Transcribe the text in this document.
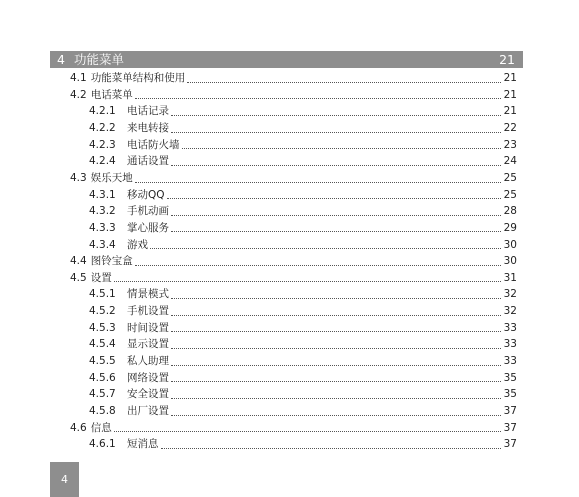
4 功能菜单	21
4.1 功能菜单结构和使用	21
4.2 电话菜单	21
4.2.1	电话记录	21
4.2.2	来电转接	22
4.2.3	电话防火墙	23
4.2.4	通话设置	24
4.3 娱乐天地	25
4.3.1	移动QQ	25
4.3.2	手机动画	28
4.3.3	掌心服务	29
4.3.4	游戏	30
4.4 图铃宝盒	30
4.5 设置	31
4.5.1	情景模式	32
4.5.2	手机设置	32
4.5.3	时间设置	33
4.5.4	显示设置	33
4.5.5	私人助理	33
4.5.6	网络设置	35
4.5.7	安全设置	35
4.5.8	出厂设置	37
4.6 信息	37
4.6.1	短消息	37
4
